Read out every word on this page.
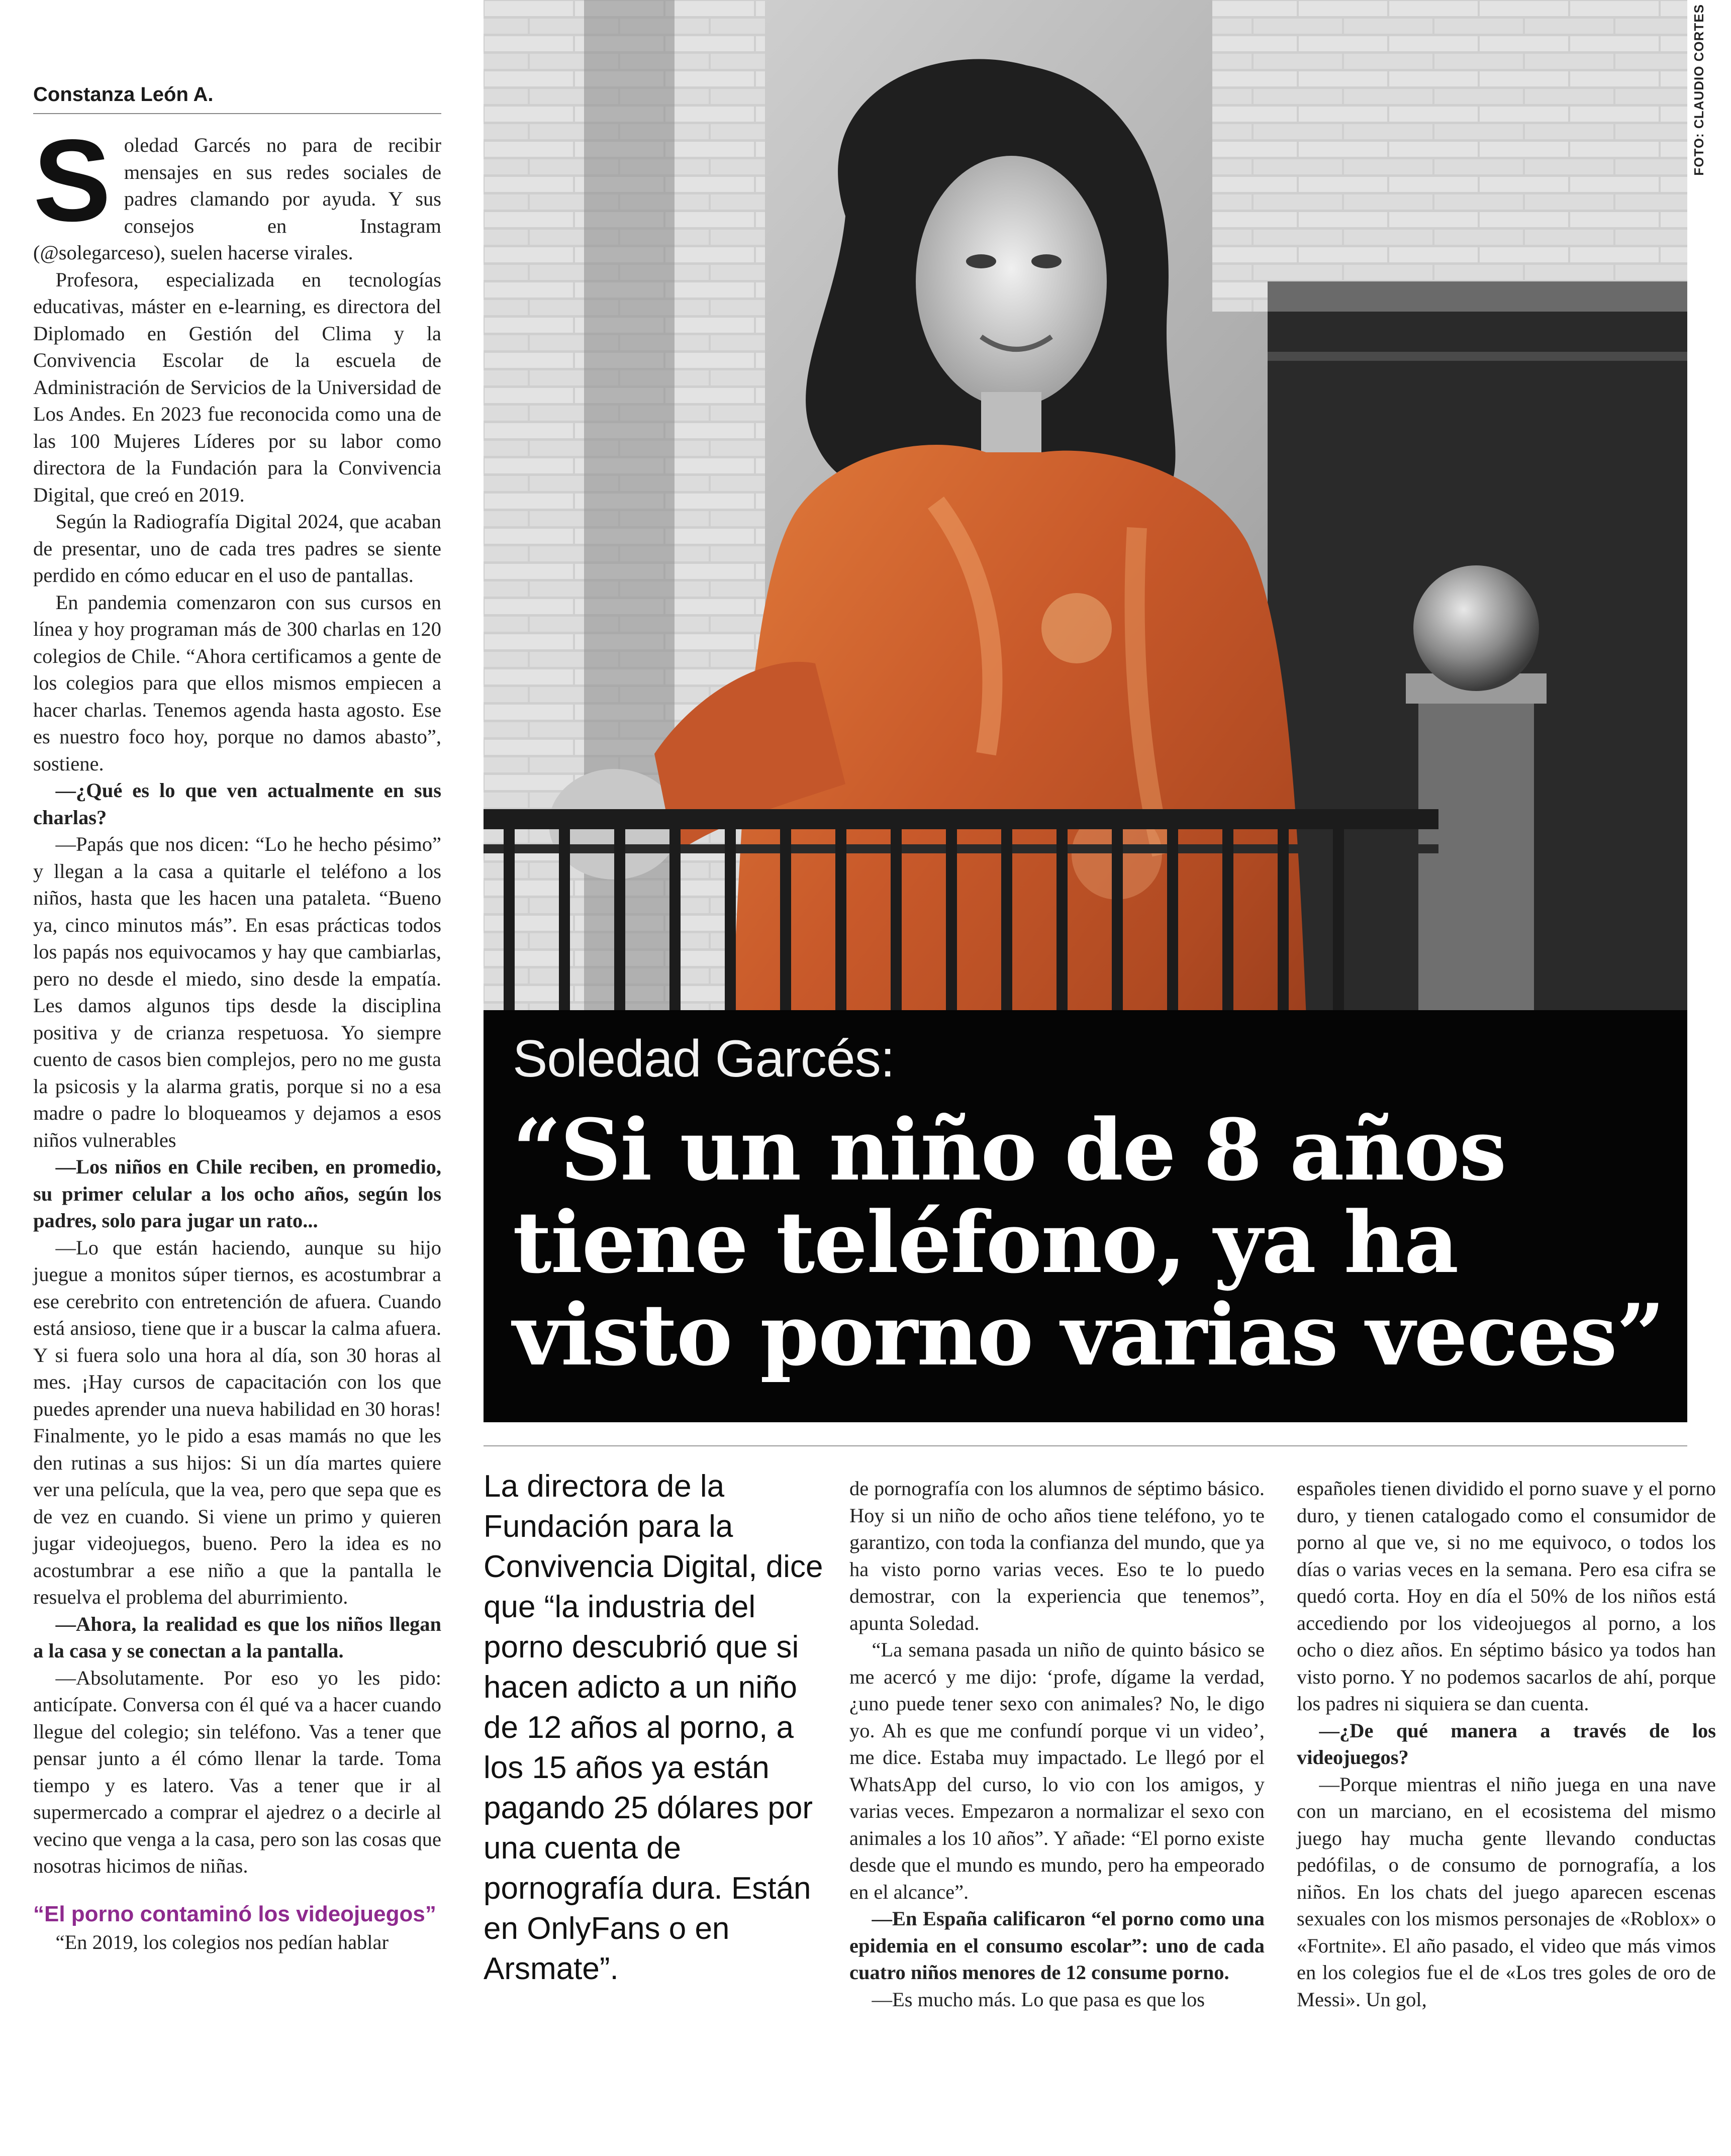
Constanza León A.

Soledad Garcés no para de recibir mensajes en sus redes sociales de padres clamando por ayuda. Y sus consejos en Instagram (@solegarceso), suelen hacerse virales.

Profesora, especializada en tecnologías educativas, máster en e-learning, es directora del Diplomado en Gestión del Clima y la Convivencia Escolar de la escuela de Administración de Servicios de la Universidad de Los Andes. En 2023 fue reconocida como una de las 100 Mujeres Líderes por su labor como directora de la Fundación para la Convivencia Digital, que creó en 2019.

Según la Radiografía Digital 2024, que acaban de presentar, uno de cada tres padres se siente perdido en cómo educar en el uso de pantallas.

En pandemia comenzaron con sus cursos en línea y hoy programan más de 300 charlas en 120 colegios de Chile. “Ahora certificamos a gente de los colegios para que ellos mismos empiecen a hacer charlas. Tenemos agenda hasta agosto. Ese es nuestro foco hoy, porque no damos abasto”, sostiene.

—¿Qué es lo que ven actualmente en sus charlas?

—Papás que nos dicen: “Lo he hecho pésimo” y llegan a la casa a quitarle el teléfono a los niños, hasta que les hacen una pataleta. “Bueno ya, cinco minutos más”. En esas prácticas todos los papás nos equivocamos y hay que cambiarlas, pero no desde el miedo, sino desde la empatía. Les damos algunos tips desde la disciplina positiva y de crianza respetuosa. Yo siempre cuento de casos bien complejos, pero no me gusta la psicosis y la alarma gratis, porque si no a esa madre o padre lo bloqueamos y dejamos a esos niños vulnerables

—Los niños en Chile reciben, en promedio, su primer celular a los ocho años, según los padres, solo para jugar un rato...

—Lo que están haciendo, aunque su hijo juegue a monitos súper tiernos, es acostumbrar a ese cerebrito con entretención de afuera. Cuando está ansioso, tiene que ir a buscar la calma afuera. Y si fuera solo una hora al día, son 30 horas al mes. ¡Hay cursos de capacitación con los que puedes aprender una nueva habilidad en 30 horas! Finalmente, yo le pido a esas mamás no que les den rutinas a sus hijos: Si un día martes quiere ver una película, que la vea, pero que sepa que es de vez en cuando. Si viene un primo y quieren jugar videojuegos, bueno. Pero la idea es no acostumbrar a ese niño a que la pantalla le resuelva el problema del aburrimiento.

—Ahora, la realidad es que los niños llegan a la casa y se conectan a la pantalla.

—Absolutamente. Por eso yo les pido: anticípate. Conversa con él qué va a hacer cuando llegue del colegio; sin teléfono. Vas a tener que pensar junto a él cómo llenar la tarde. Toma tiempo y es latero. Vas a tener que ir al supermercado a comprar el ajedrez o a decirle al vecino que venga a la casa, pero son las cosas que nosotras hicimos de niñas.

“El porno contaminó los videojuegos”

“En 2019, los colegios nos pedían hablar

FOTO: CLAUDIO CORTES
Soledad Garcés:
“Si un niño de 8 años tiene teléfono, ya ha visto porno varias veces”
La directora de la Fundación para la Convivencia Digital, dice que “la industria del porno descubrió que si hacen adicto a un niño de 12 años al porno, a los 15 años ya están pagando 25 dólares por una cuenta de pornografía dura. Están en OnlyFans o en Arsmate”.

de pornografía con los alumnos de séptimo básico. Hoy si un niño de ocho años tiene teléfono, yo te garantizo, con toda la confianza del mundo, que ya ha visto porno varias veces. Eso te lo puedo demostrar, con la experiencia que tenemos”, apunta Soledad.

“La semana pasada un niño de quinto básico se me acercó y me dijo: ‘profe, dígame la verdad, ¿uno puede tener sexo con animales? No, le digo yo. Ah es que me confundí porque vi un video’, me dice. Estaba muy impactado. Le llegó por el WhatsApp del curso, lo vio con los amigos, y varias veces. Empezaron a normalizar el sexo con animales a los 10 años”. Y añade: “El porno existe desde que el mundo es mundo, pero ha empeorado en el alcance”.

—En España calificaron “el porno como una epidemia en el consumo escolar”: uno de cada cuatro niños menores de 12 consume porno.

—Es mucho más. Lo que pasa es que los

españoles tienen dividido el porno suave y el porno duro, y tienen catalogado como el consumidor de porno al que ve, si no me equivoco, o todos los días o varias veces en la semana. Pero esa cifra se quedó corta. Hoy en día el 50% de los niños está accediendo por los videojuegos al porno, a los ocho o diez años. En séptimo básico ya todos han visto porno. Y no podemos sacarlos de ahí, porque los padres ni siquiera se dan cuenta.

—¿De qué manera a través de los videojuegos?

—Porque mientras el niño juega en una nave con un marciano, en el ecosistema del mismo juego hay mucha gente llevando conductas pedófilas, o de consumo de pornografía, a los niños. En los chats del juego aparecen escenas sexuales con los mismos personajes de «Roblox» o «Fortnite». El año pasado, el video que más vimos en los colegios fue el de «Los tres goles de oro de Messi». Un gol,
